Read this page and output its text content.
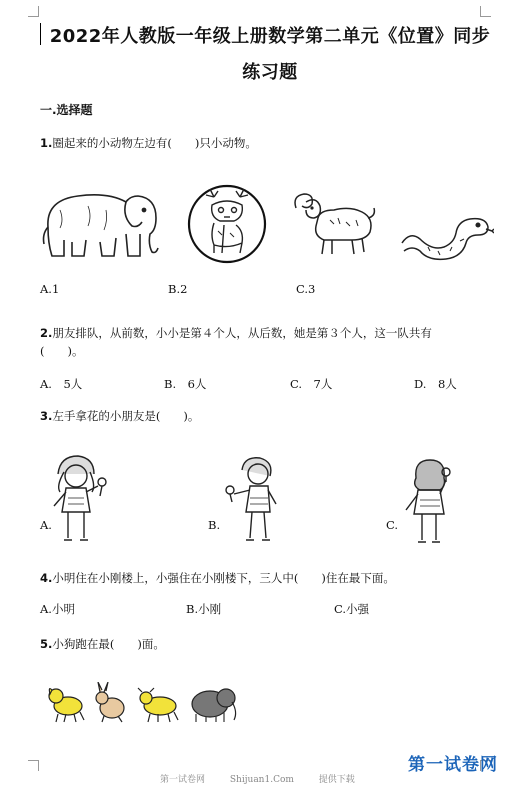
2022年人教版一年级上册数学第二单元《位置》同步
练习题
一.选择题
1.圈起来的小动物左边有(　　)只小动物。
A.1	B.2	C.3
2.朋友排队，从前数，小小是第４个人，从后数，她是第３个人，这一队共有
(　　)。
A.　5人	B.　6人	C.　7人	D.　8人
3.左手拿花的小朋友是(　　)。
A.	B.	C.
4.小明住在小刚楼上，小强住在小刚楼下，三人中(　　)住在最下面。
A.小明	B.小刚	C.小强
5.小狗跑在最(　　)面。
第一试卷网	Shijuan1.Com	提供下载
第一试卷网
